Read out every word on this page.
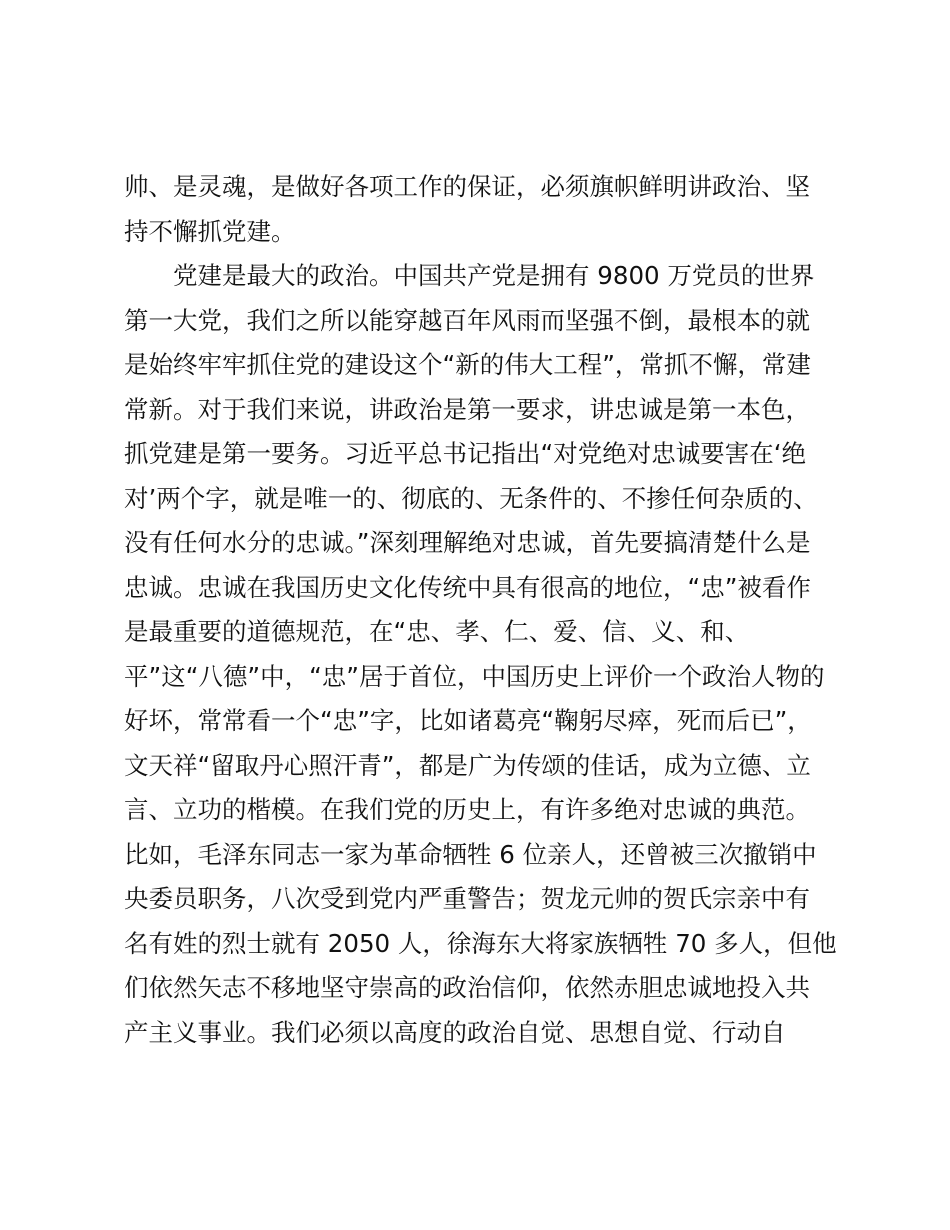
帅、是灵魂，是做好各项工作的保证，必须旗帜鲜明讲政治、坚
持不懈抓党建。
党建是最大的政治。中国共产党是拥有 9800 万党员的世界
第一大党，我们之所以能穿越百年风雨而坚强不倒，最根本的就
是始终牢牢抓住党的建设这个“新的伟大工程”，常抓不懈，常建
常新。对于我们来说，讲政治是第一要求，讲忠诚是第一本色，
抓党建是第一要务。习近平总书记指出“对党绝对忠诚要害在‘绝
对’两个字，就是唯一的、彻底的、无条件的、不掺任何杂质的、
没有任何水分的忠诚。”深刻理解绝对忠诚，首先要搞清楚什么是
忠诚。忠诚在我国历史文化传统中具有很高的地位，“忠”被看作
是最重要的道德规范，在“忠、孝、仁、爱、信、义、和、
平”这“八德”中，“忠”居于首位，中国历史上评价一个政治人物的
好坏，常常看一个“忠”字，比如诸葛亮“鞠躬尽瘁，死而后已”，
文天祥“留取丹心照汗青”，都是广为传颂的佳话，成为立德、立
言、立功的楷模。在我们党的历史上，有许多绝对忠诚的典范。
比如，毛泽东同志一家为革命牺牲 6 位亲人，还曾被三次撤销中
央委员职务，八次受到党内严重警告；贺龙元帅的贺氏宗亲中有
名有姓的烈士就有 2050 人，徐海东大将家族牺牲 70 多人，但他
们依然矢志不移地坚守崇高的政治信仰，依然赤胆忠诚地投入共
产主义事业。我们必须以高度的政治自觉、思想自觉、行动自
